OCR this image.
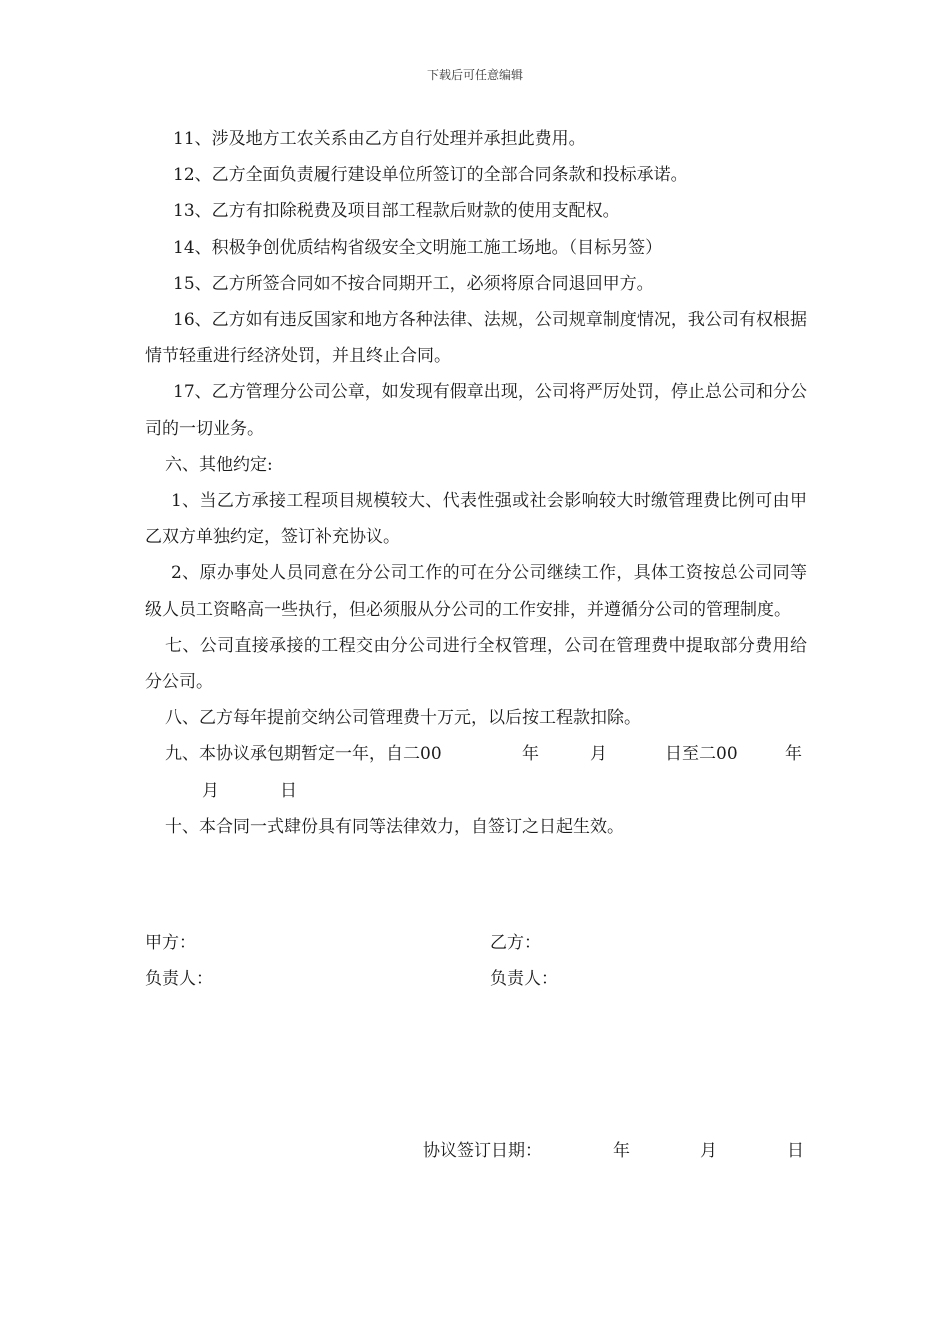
下载后可任意编辑

11、涉及地方工农关系由乙方自行处理并承担此费用。

12、乙方全面负责履行建设单位所签订的全部合同条款和投标承诺。

13、乙方有扣除税费及项目部工程款后财款的使用支配权。

14、积极争创优质结构省级安全文明施工施工场地。（目标另签）

15、乙方所签合同如不按合同期开工，必须将原合同退回甲方。

16、乙方如有违反国家和地方各种法律、法规，公司规章制度情况，我公司有权根据情节轻重进行经济处罚，并且终止合同。

17、乙方管理分公司公章，如发现有假章出现，公司将严厉处罚，停止总公司和分公司的一切业务。

六、其他约定:

1、当乙方承接工程项目规模较大、代表性强或社会影响较大时缴管理费比例可由甲乙双方单独约定，签订补充协议。

2、原办事处人员同意在分公司工作的可在分公司继续工作，具体工资按总公司同等级人员工资略高一些执行，但必须服从分公司的工作安排，并遵循分公司的管理制度。

七、公司直接承接的工程交由分公司进行全权管理，公司在管理费中提取部分费用给分公司。

八、乙方每年提前交纳公司管理费十万元，以后按工程款扣除。

九、本协议承包期暂定一年，自二00	年	月	日至二00	年
月	日

十、本合同一式肆份具有同等法律效力，自签订之日起生效。

甲方：	乙方：
负责人：	负责人：
协议签订日期：	年	月	日
